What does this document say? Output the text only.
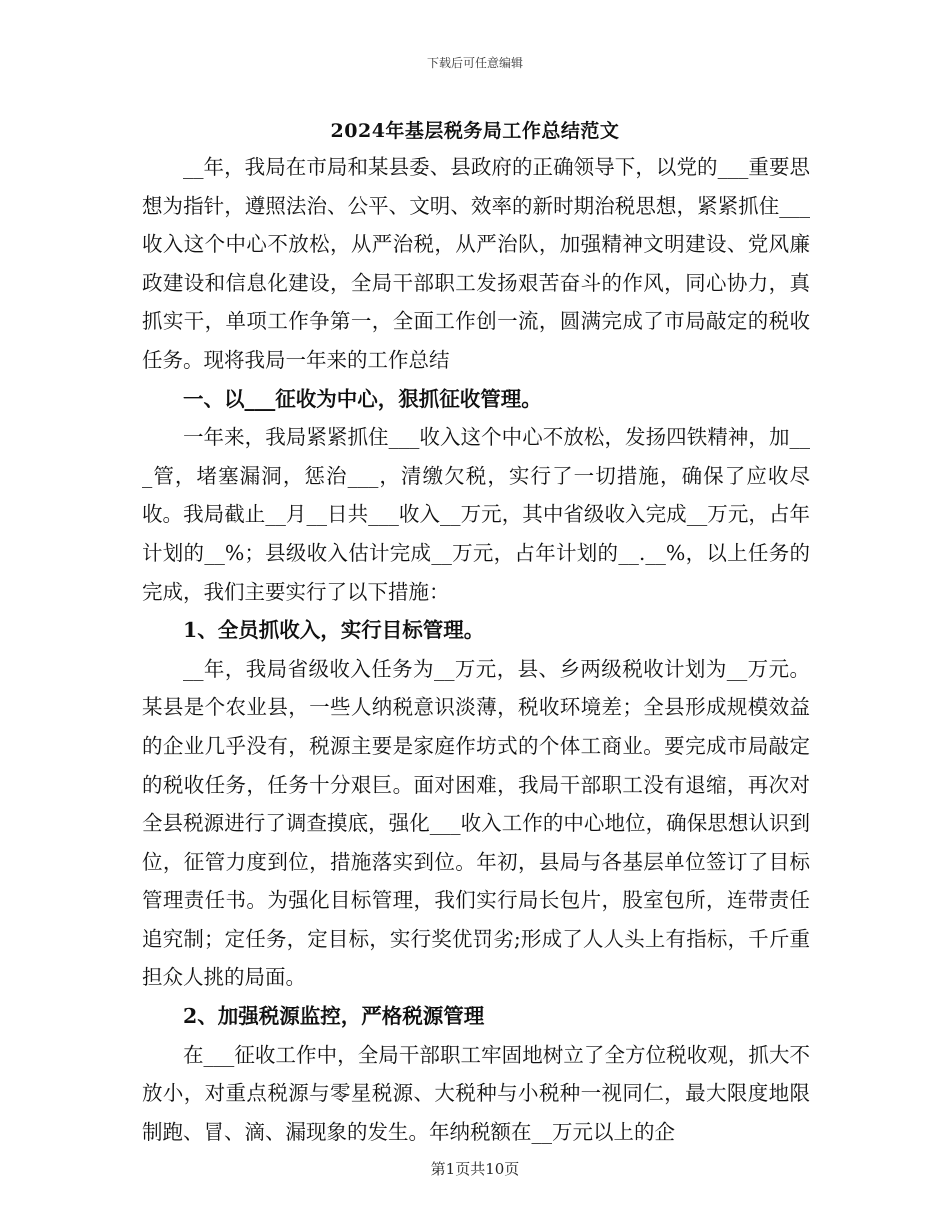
下载后可任意编辑
2024年基层税务局工作总结范文

__年，我局在市局和某县委、县政府的正确领导下，以党的___重要思想为指针，遵照法治、公平、文明、效率的新时期治税思想，紧紧抓住___收入这个中心不放松，从严治税，从严治队，加强精神文明建设、党风廉政建设和信息化建设，全局干部职工发扬艰苦奋斗的作风，同心协力，真抓实干，单项工作争第一，全面工作创一流，圆满完成了市局敲定的税收任务。现将我局一年来的工作总结

一、以___征收为中心，狠抓征收管理。

一年来，我局紧紧抓住___收入这个中心不放松，发扬四铁精神，加___管，堵塞漏洞，惩治___，清缴欠税，实行了一切措施，确保了应收尽收。我局截止__月__日共___收入__万元，其中省级收入完成__万元，占年计划的__%；县级收入估计完成__万元，占年计划的__.__%，以上任务的完成，我们主要实行了以下措施：

1、全员抓收入，实行目标管理。

__年，我局省级收入任务为__万元，县、乡两级税收计划为__万元。某县是个农业县，一些人纳税意识淡薄，税收环境差；全县形成规模效益的企业几乎没有，税源主要是家庭作坊式的个体工商业。要完成市局敲定的税收任务，任务十分艰巨。面对困难，我局干部职工没有退缩，再次对全县税源进行了调查摸底，强化___收入工作的中心地位，确保思想认识到位，征管力度到位，措施落实到位。年初，县局与各基层单位签订了目标管理责任书。为强化目标管理，我们实行局长包片，股室包所，连带责任追究制；定任务，定目标，实行奖优罚劣;形成了人人头上有指标，千斤重担众人挑的局面。

2、加强税源监控，严格税源管理

在___征收工作中，全局干部职工牢固地树立了全方位税收观，抓大不放小，对重点税源与零星税源、大税种与小税种一视同仁，最大限度地限制跑、冒、滴、漏现象的发生。年纳税额在__万元以上的企

第1页共10页
